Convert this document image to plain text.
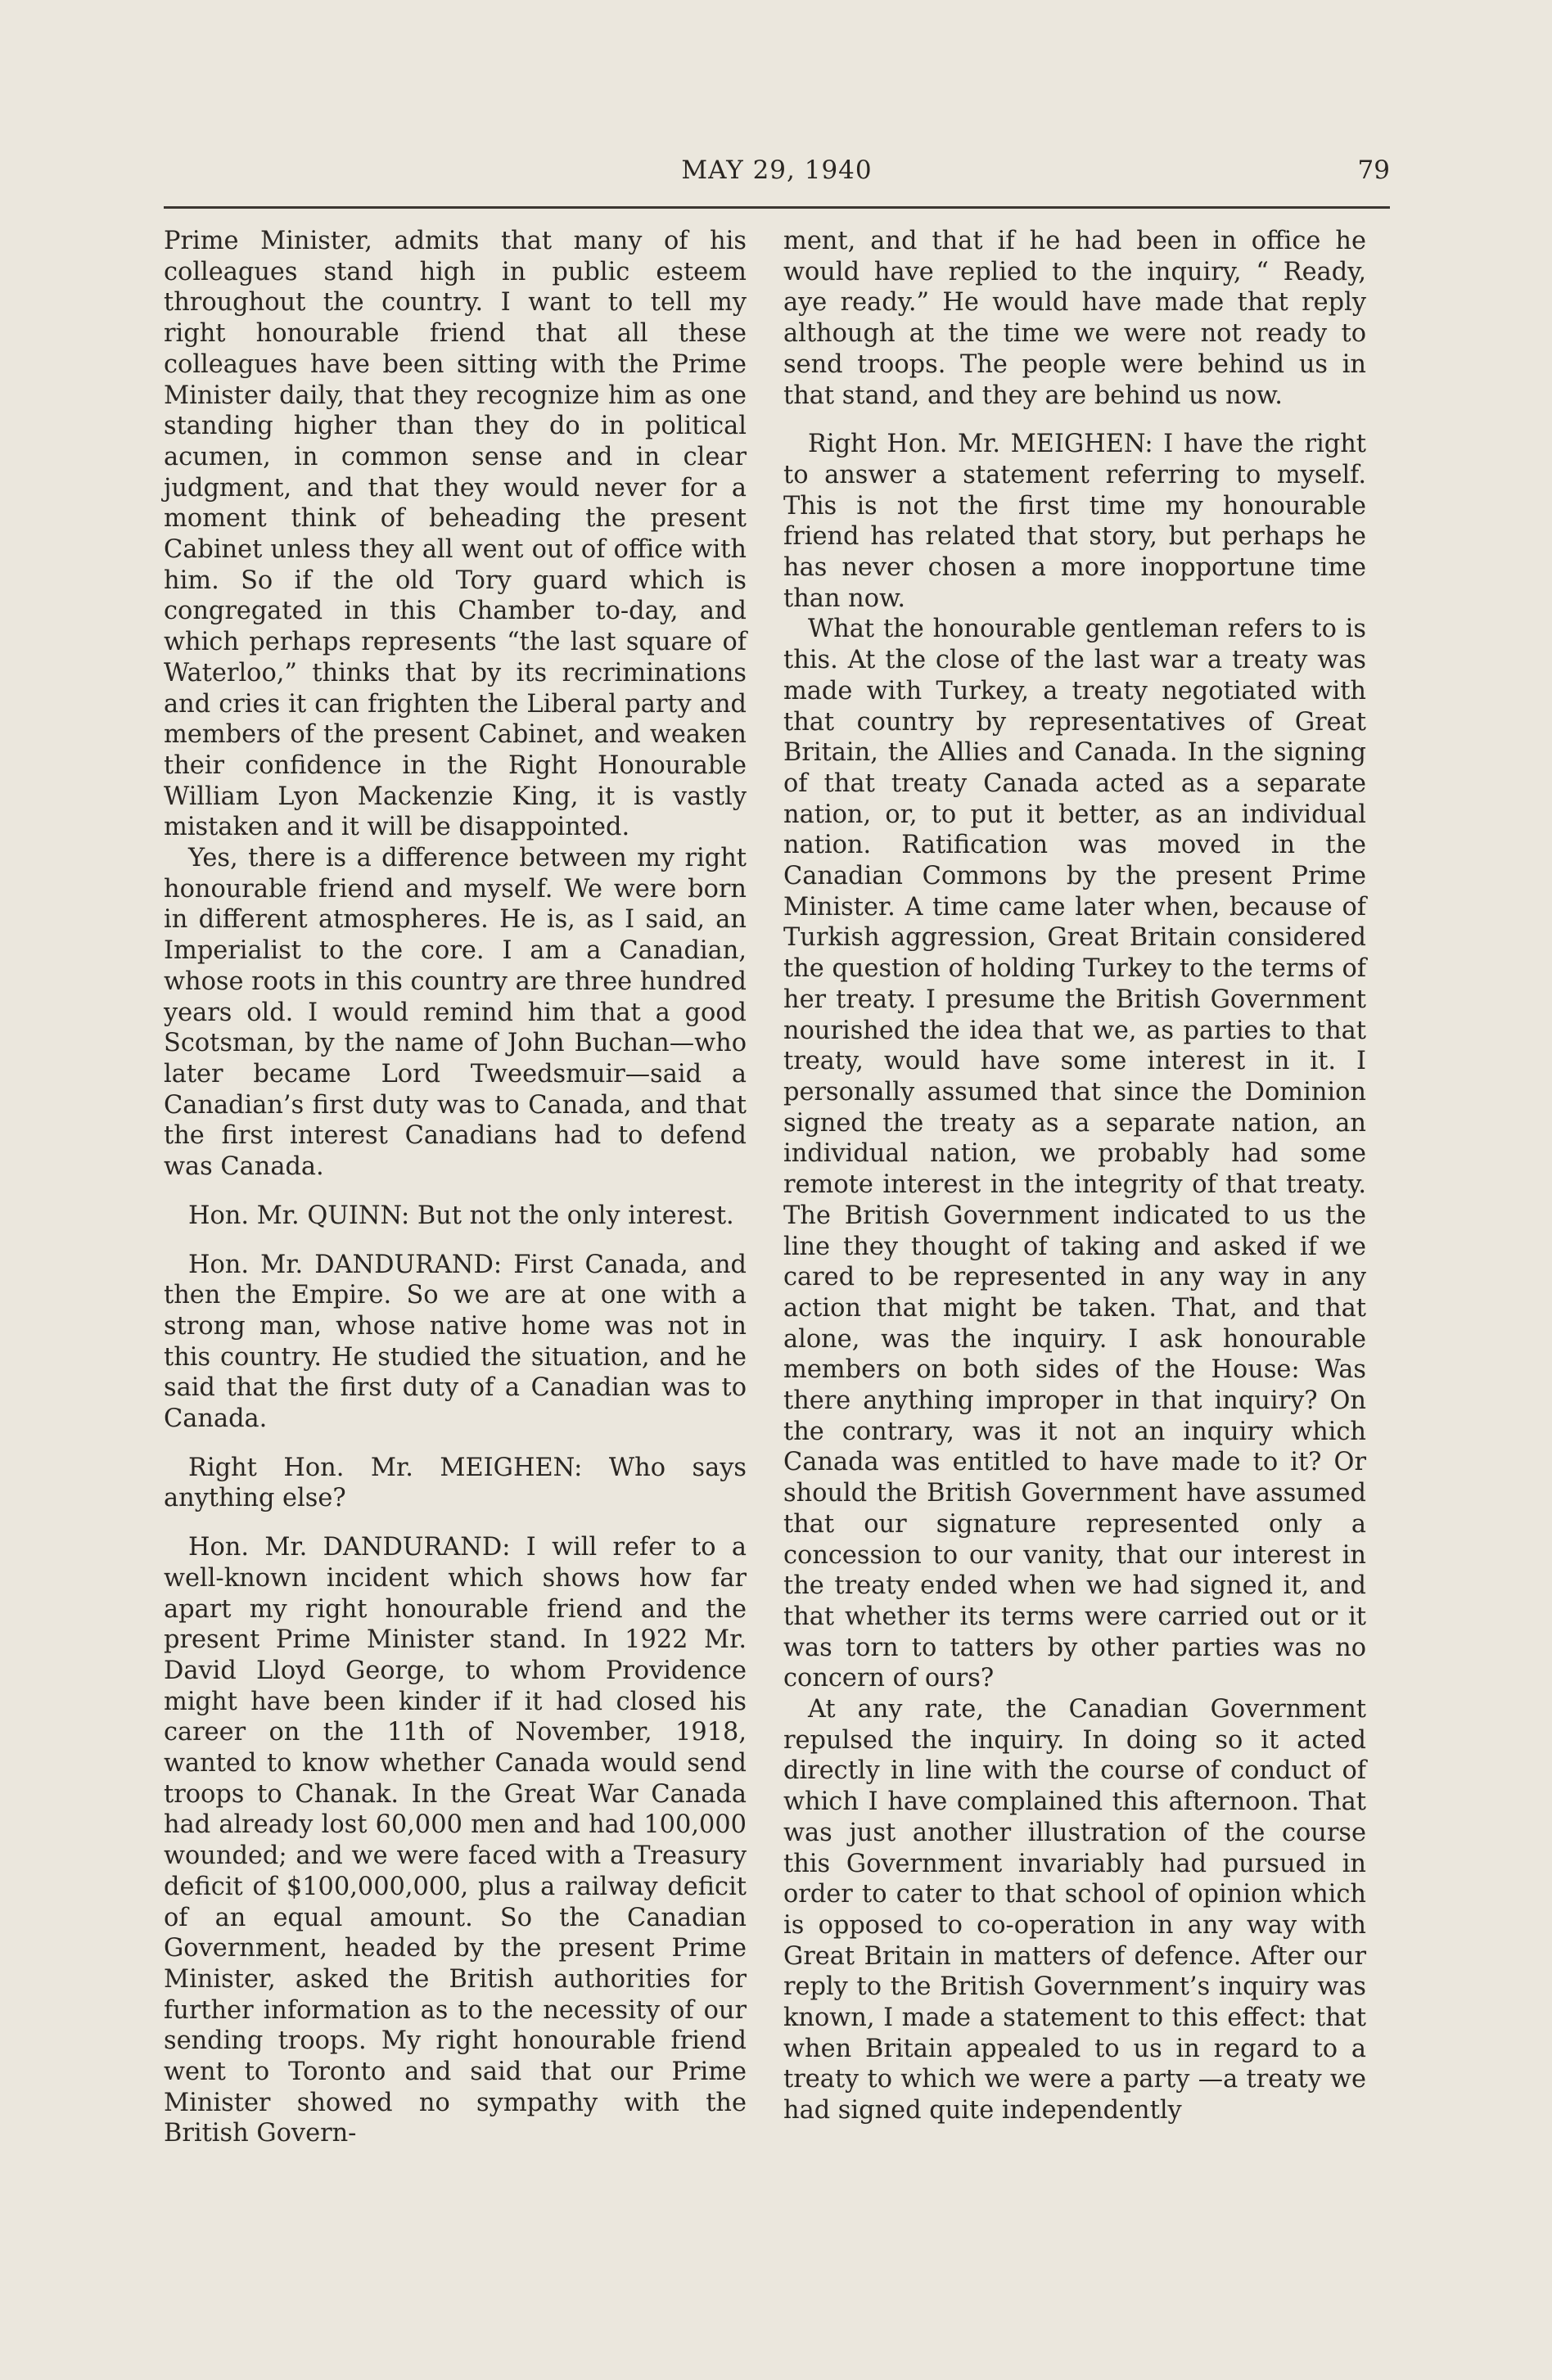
MAY 29, 1940	79

Prime Minister, admits that many of his colleagues stand high in public esteem throughout the country. I want to tell my right honourable friend that all these colleagues have been sitting with the Prime Minister daily, that they recognize him as one standing higher than they do in political acumen, in common sense and in clear judgment, and that they would never for a moment think of beheading the present Cabinet unless they all went out of office with him. So if the old Tory guard which is congregated in this Chamber to-day, and which perhaps represents “the last square of Waterloo,” thinks that by its recriminations and cries it can frighten the Liberal party and members of the present Cabinet, and weaken their confidence in the Right Honourable William Lyon Mackenzie King, it is vastly mistaken and it will be disappointed.

Yes, there is a difference between my right honourable friend and myself. We were born in different atmospheres. He is, as I said, an Imperialist to the core. I am a Canadian, whose roots in this country are three hundred years old. I would remind him that a good Scotsman, by the name of John Buchan—who later became Lord Tweedsmuir—said a Canadian’s first duty was to Canada, and that the first interest Canadians had to defend was Canada.

Hon. Mr. QUINN: But not the only interest.

Hon. Mr. DANDURAND: First Canada, and then the Empire. So we are at one with a strong man, whose native home was not in this country. He studied the situation, and he said that the first duty of a Canadian was to Canada.

Right Hon. Mr. MEIGHEN: Who says anything else?

Hon. Mr. DANDURAND: I will refer to a well-known incident which shows how far apart my right honourable friend and the present Prime Minister stand. In 1922 Mr. David Lloyd George, to whom Providence might have been kinder if it had closed his career on the 11th of November, 1918, wanted to know whether Canada would send troops to Chanak. In the Great War Canada had already lost 60,000 men and had 100,000 wounded; and we were faced with a Treasury deficit of $100,000,000, plus a railway deficit of an equal amount. So the Canadian Government, headed by the present Prime Minister, asked the British authorities for further information as to the necessity of our sending troops. My right honourable friend went to Toronto and said that our Prime Minister showed no sympathy with the British Govern-

ment, and that if he had been in office he would have replied to the inquiry, “ Ready, aye ready.” He would have made that reply although at the time we were not ready to send troops. The people were behind us in that stand, and they are behind us now.

Right Hon. Mr. MEIGHEN: I have the right to answer a statement referring to myself. This is not the first time my honourable friend has related that story, but perhaps he has never chosen a more inopportune time than now.

What the honourable gentleman refers to is this. At the close of the last war a treaty was made with Turkey, a treaty negotiated with that country by representatives of Great Britain, the Allies and Canada. In the signing of that treaty Canada acted as a separate nation, or, to put it better, as an individual nation. Ratification was moved in the Canadian Commons by the present Prime Minister. A time came later when, because of Turkish aggression, Great Britain considered the question of holding Turkey to the terms of her treaty. I presume the British Government nourished the idea that we, as parties to that treaty, would have some interest in it. I personally assumed that since the Dominion signed the treaty as a separate nation, an individual nation, we probably had some remote interest in the integrity of that treaty. The British Government indicated to us the line they thought of taking and asked if we cared to be represented in any way in any action that might be taken. That, and that alone, was the inquiry. I ask honourable members on both sides of the House: Was there anything improper in that inquiry? On the contrary, was it not an inquiry which Canada was entitled to have made to it? Or should the British Government have assumed that our signature represented only a concession to our vanity, that our interest in the treaty ended when we had signed it, and that whether its terms were carried out or it was torn to tatters by other parties was no concern of ours?

At any rate, the Canadian Government repulsed the inquiry. In doing so it acted directly in line with the course of conduct of which I have complained this afternoon. That was just another illustration of the course this Government invariably had pursued in order to cater to that school of opinion which is opposed to co-operation in any way with Great Britain in matters of defence. After our reply to the British Government’s inquiry was known, I made a statement to this effect: that when Britain appealed to us in regard to a treaty to which we were a party —a treaty we had signed quite independently
